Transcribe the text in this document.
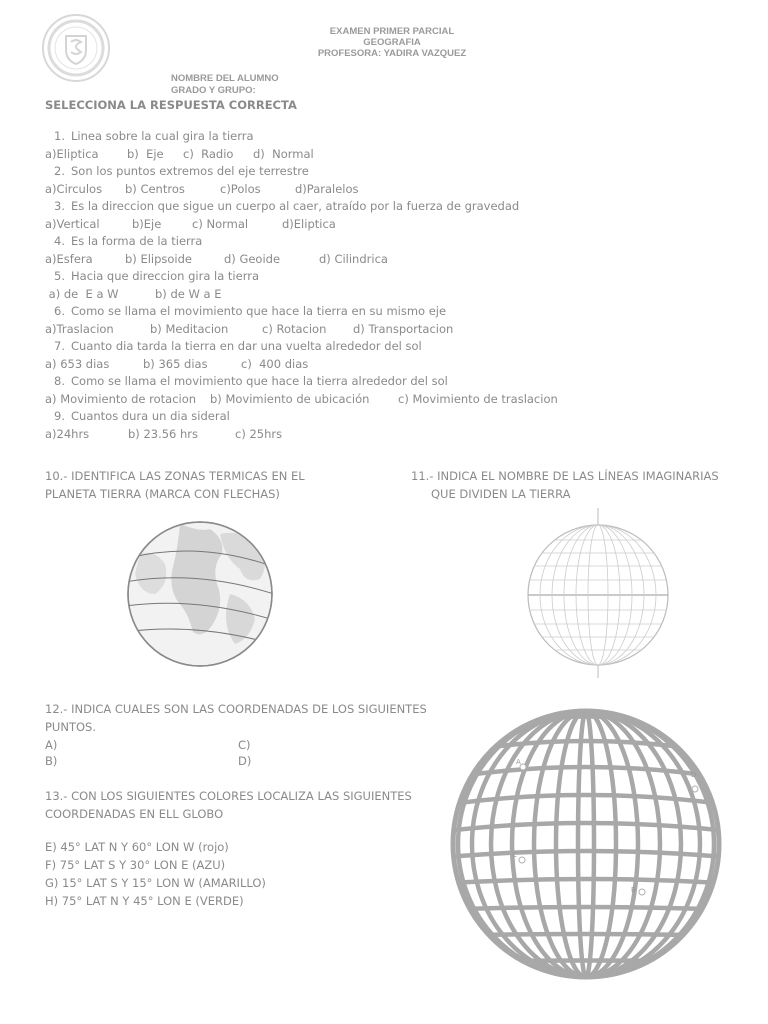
EXAMEN PRIMER PARCIAL
GEOGRAFIA
PROFESORA: YADIRA VAZQUEZ
NOMBRE DEL ALUMNO
GRADO Y GRUPO:
SELECCIONA LA RESPUESTA CORRECTA
1. Linea sobre la cual gira la tierra
a)Eliptica b)  Eje c)  Radio d)  Normal
2. Son los puntos extremos del eje terrestre
a)Circulos b) Centros	c)Polos	d)Paralelos
3. Es la direccion que sigue un cuerpo al caer, atraído por la fuerza de gravedad
a)Vertical	b)Eje	c) Normal	d)Eliptica
4. Es la forma de la tierra
a)Esfera	b) Elipsoide	d) Geoide	d) Cilindrica
5. Hacia que direccion gira la tierra
a) de  E a W	b) de W a E
6. Como se llama el movimiento que hace la tierra en su mismo eje
a)Traslacion	b) Meditacion	c) Rotacion d) Transportacion
7. Cuanto dia tarda la tierra en dar una vuelta alrededor del sol
a) 653 dias	b) 365 dias	c)  400 dias
8. Como se llama el movimiento que hace la tierra alrededor del sol
a) Movimiento de rotacion b) Movimiento de ubicación c) Movimiento de traslacion
9. Cuantos dura un dia sideral
a)24hrs	b) 23.56 hrs	c) 25hrs
10.- IDENTIFICA LAS ZONAS TERMICAS EN EL
PLANETA TIERRA (MARCA CON FLECHAS)
11.- INDICA EL NOMBRE DE LAS LÍNEAS IMAGINARIAS
QUE DIVIDEN LA TIERRA
12.- INDICA CUALES SON LAS COORDENADAS DE LOS SIGUIENTES
PUNTOS.
A)	C)
B)	D)
13.- CON LOS SIGUIENTES COLORES LOCALIZA LAS SIGUIENTES
COORDENADAS EN ELL GLOBO
E) 45° LAT N Y 60° LON W (rojo)
F) 75° LAT S Y 30° LON E (AZU)
G) 15° LAT S Y 15° LON W (AMARILLO)
H) 75° LAT N Y 45° LON E (VERDE)
A
B
C
D
